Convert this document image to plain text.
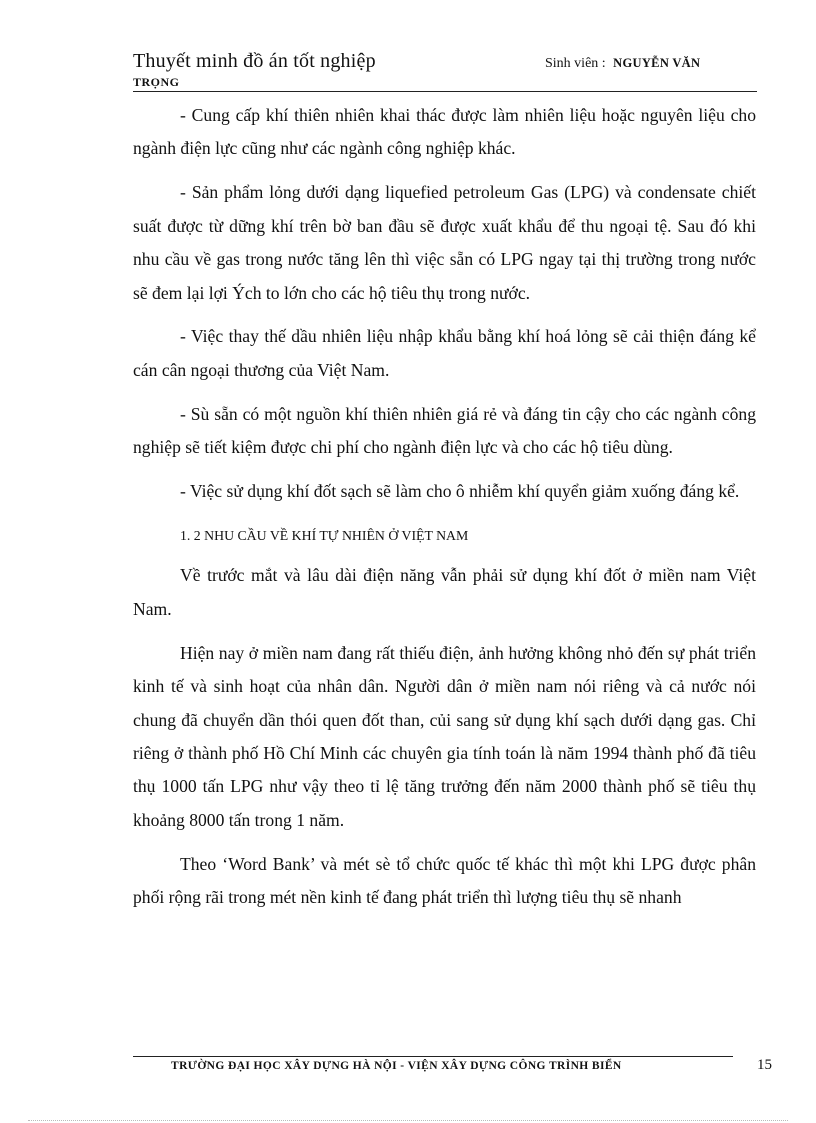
Thuyết minh đồ án tốt nghiệp
TRỌNG
Sinh viên : NGUYỄN VĂN

- Cung cấp khí thiên nhiên khai thác được làm nhiên liệu hoặc nguyên liệu cho ngành điện lực cũng như các ngành công nghiệp khác.

- Sản phẩm lỏng dưới dạng liquefied petroleum Gas (LPG) và condensate chiết suất được từ dững khí trên bờ ban đầu sẽ được xuất khẩu để thu ngoại tệ. Sau đó khi nhu cầu về gas trong nước tăng lên thì việc sẵn có LPG ngay tại thị trường trong nước sẽ đem lại lợi Ých to lớn cho các hộ tiêu thụ trong nước.

- Việc thay thế dầu nhiên liệu nhập khẩu bằng khí hoá lỏng sẽ cải thiện đáng kể cán cân ngoại thương của Việt Nam.

- Sù sẵn có một nguồn khí thiên nhiên giá rẻ và đáng tin cậy cho các ngành công nghiệp sẽ tiết kiệm được chi phí cho ngành điện lực và cho các hộ tiêu dùng.

- Việc sử dụng khí đốt sạch sẽ làm cho ô nhiễm khí quyển giảm xuống đáng kể.

1. 2 NHU CẦU VỀ KHÍ TỰ NHIÊN Ở VIỆT NAM

Về trước mắt và lâu dài điện năng vẫn phải sử dụng khí đốt ở miền nam Việt Nam.

Hiện nay ở miền nam đang rất thiếu điện, ảnh hưởng không nhỏ đến sự phát triển kinh tế và sinh hoạt của nhân dân. Người dân ở miền nam nói riêng và cả nước nói chung đã chuyển dần thói quen đốt than, củi sang sử dụng khí sạch dưới dạng gas. Chỉ riêng ở thành phố Hồ Chí Minh các chuyên gia tính toán là năm 1994 thành phố đã tiêu thụ 1000 tấn LPG như vậy theo tỉ lệ tăng trưởng đến năm 2000 thành phố sẽ tiêu thụ khoảng 8000 tấn trong 1 năm.

Theo ‘Word Bank’ và mét sè tổ chức quốc tế khác thì một khi LPG được phân phối rộng rãi trong mét nền kinh tế đang phát triển thì lượng tiêu thụ sẽ nhanh

TRƯỜNG ĐẠI HỌC XÂY DỰNG HÀ NỘI - VIỆN XÂY DỰNG CÔNG TRÌNH BIỂN	15
